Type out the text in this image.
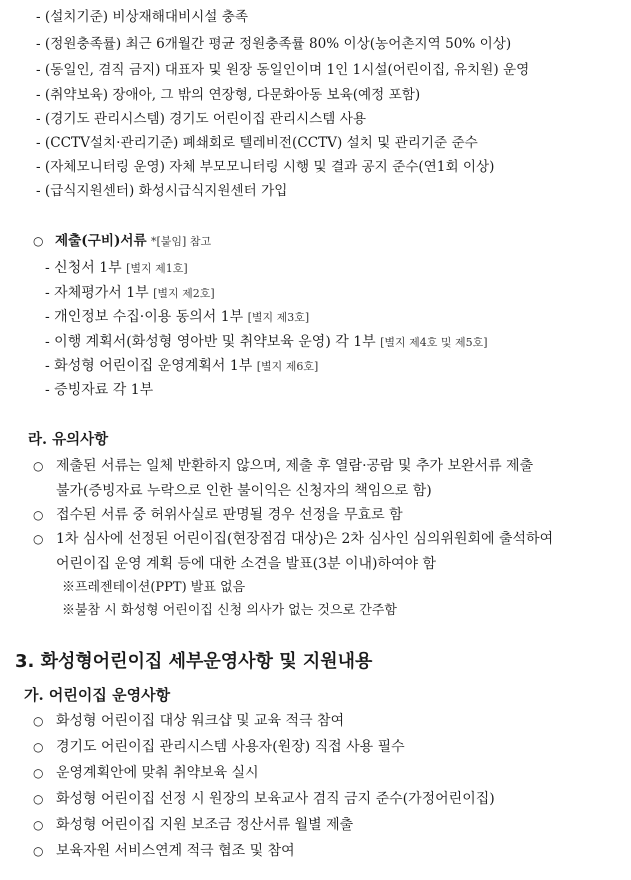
- (설치기준) 비상재해대비시설 충족
- (정원충족률) 최근 6개월간 평균 정원충족률 80% 이상(농어촌지역 50% 이상)
- (동일인, 겸직 금지) 대표자 및 원장 동일인이며 1인 1시설(어린이집, 유치원) 운영
- (취약보육) 장애아, 그 밖의 연장형, 다문화아동 보육(예정 포함)
- (경기도 관리시스템) 경기도 어린이집 관리시스템 사용
- (CCTV설치·관리기준) 폐쇄회로 텔레비전(CCTV) 설치 및 관리기준 준수
- (자체모니터링 운영) 자체 부모모니터링 시행 및 결과 공지 준수(연1회 이상)
- (급식지원센터) 화성시급식지원센터 가입
○ 제출(구비)서류 *[붙임] 참고
- 신청서 1부 [별지 제1호]
- 자체평가서 1부 [별지 제2호]
- 개인정보 수집·이용 동의서 1부 [별지 제3호]
- 이행 계획서(화성형 영아반 및 취약보육 운영) 각 1부 [별지 제4호 및 제5호]
- 화성형 어린이집 운영계획서 1부 [별지 제6호]
- 증빙자료 각 1부
라. 유의사항
○ 제출된 서류는 일체 반환하지 않으며, 제출 후 열람·공람 및 추가 보완서류 제출
불가(증빙자료 누락으로 인한 불이익은 신청자의 책임으로 함)
○ 접수된 서류 중 허위사실로 판명될 경우 선정을 무효로 함
○ 1차 심사에 선정된 어린이집(현장점검 대상)은 2차 심사인 심의위원회에 출석하여
어린이집 운영 계획 등에 대한 소견을 발표(3분 이내)하여야 함
※프레젠테이션(PPT) 발표 없음
※불참 시 화성형 어린이집 신청 의사가 없는 것으로 간주함
3. 화성형어린이집 세부운영사항 및 지원내용
가. 어린이집 운영사항
○ 화성형 어린이집 대상 워크샵 및 교육 적극 참여
○ 경기도 어린이집 관리시스템 사용자(원장) 직접 사용 필수
○ 운영계획안에 맞춰 취약보육 실시
○ 화성형 어린이집 선정 시 원장의 보육교사 겸직 금지 준수(가정어린이집)
○ 화성형 어린이집 지원 보조금 정산서류 월별 제출
○ 보육자원 서비스연계 적극 협조 및 참여
